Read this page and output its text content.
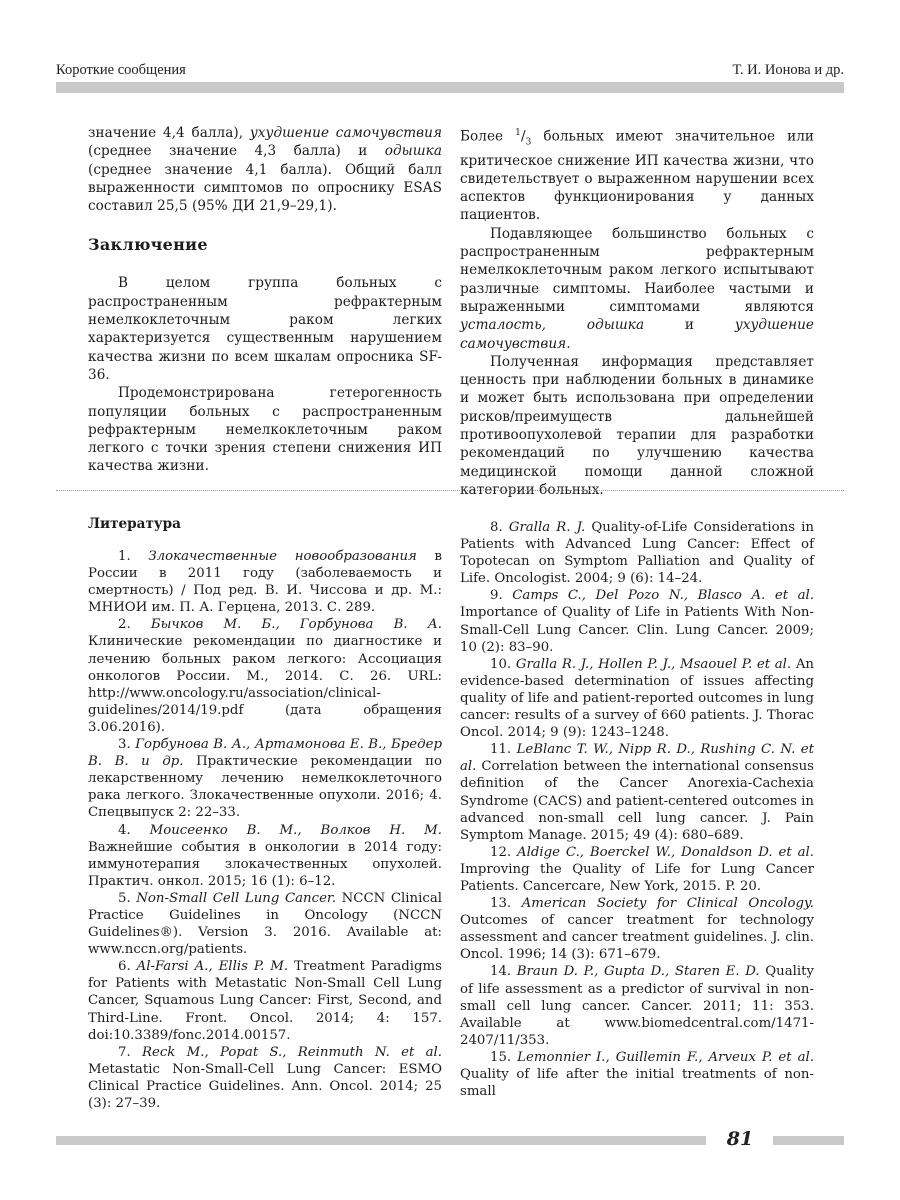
Короткие сообщения	Т. И. Ионова и др.

значение 4,4 балла), ухудшение самочувствия (среднее значение 4,3 балла) и одышка (среднее значение 4,1 балла). Общий балл выраженности симптомов по опроснику ESAS составил 25,5 (95% ДИ 21,9–29,1).

Заключение

В целом группа больных с распространенным рефрактерным немелкоклеточным раком легких характеризуется существенным нарушением качества жизни по всем шкалам опросника SF-36.

Продемонстрирована гетерогенность популяции больных с распространенным рефрактерным немелкоклеточным раком легкого с точки зрения степени снижения ИП качества жизни.

Более $^1/_3$ больных имеют значительное или критическое снижение ИП качества жизни, что свидетельствует о выраженном нарушении всех аспектов функционирования у данных пациентов.

Подавляющее большинство больных с распространенным рефрактерным немелкоклеточным раком легкого испытывают различные симптомы. Наиболее частыми и выраженными симптомами являются усталость, одышка и ухудшение самочувствия.

Полученная информация представляет ценность при наблюдении больных в динамике и может быть использована при определении рисков/преимуществ дальнейшей противоопухолевой терапии для разработки рекомендаций по улучшению качества медицинской помощи данной сложной категории больных.

Литература

1. Злокачественные новообразования в России в 2011 году (заболеваемость и смертность) / Под ред. В. И. Чиссова и др. М.: МНИОИ им. П. А. Герцена, 2013. С. 289.

2. Бычков М. Б., Горбунова В. А. Клинические рекомендации по диагностике и лечению больных раком легкого: Ассоциация онкологов России. М., 2014. С. 26. URL: http://www.oncology.ru/association/clinical-guidelines/2014/19.pdf (дата обращения 3.06.2016).

3. Горбунова В. А., Артамонова Е. В., Бредер В. В. и др. Практические рекомендации по лекарственному лечению немелкоклеточного рака легкого. Злокачественные опухоли. 2016; 4. Спецвыпуск 2: 22–33.

4. Моисеенко В. М., Волков Н. М. Важнейшие события в онкологии в 2014 году: иммунотерапия злокачественных опухолей. Практич. онкол. 2015; 16 (1): 6–12.

5. Non-Small Cell Lung Cancer. NCCN Clinical Practice Guidelines in Oncology (NCCN Guidelines®). Version 3. 2016. Available at: www.nccn.org/patients.

6. Al-Farsi A., Ellis P. M. Treatment Paradigms for Patients with Metastatic Non-Small Cell Lung Cancer, Squamous Lung Cancer: First, Second, and Third-Line. Front. Oncol. 2014; 4: 157. doi:10.3389/fonc.2014.00157.

7. Reck M., Popat S., Reinmuth N. et al. Metastatic Non-Small-Cell Lung Cancer: ESMO Clinical Practice Guidelines. Ann. Oncol. 2014; 25 (3): 27–39.

8. Gralla R. J. Quality-of-Life Considerations in Patients with Advanced Lung Cancer: Effect of Topotecan on Symptom Palliation and Quality of Life. Oncologist. 2004; 9 (6): 14–24.

9. Camps C., Del Pozo N., Blasco A. et al. Importance of Quality of Life in Patients With Non-Small-Cell Lung Cancer. Clin. Lung Cancer. 2009; 10 (2): 83–90.

10. Gralla R. J., Hollen P. J., Msaouel P. et al. An evidence-based determination of issues affecting quality of life and patient-reported outcomes in lung cancer: results of a survey of 660 patients. J. Thorac Oncol. 2014; 9 (9): 1243–1248.

11. LeBlanc T. W., Nipp R. D., Rushing C. N. et al. Correlation between the international consensus definition of the Cancer Anorexia-Cachexia Syndrome (CACS) and patient-centered outcomes in advanced non-small cell lung cancer. J. Pain Symptom Manage. 2015; 49 (4): 680–689.

12. Aldige C., Boerckel W., Donaldson D. et al. Improving the Quality of Life for Lung Cancer Patients. Cancercare, New York, 2015. P. 20.

13. American Society for Clinical Oncology. Outcomes of cancer treatment for technology assessment and cancer treatment guidelines. J. clin. Oncol. 1996; 14 (3): 671–679.

14. Braun D. P., Gupta D., Staren E. D. Quality of life assessment as a predictor of survival in non-small cell lung cancer. Cancer. 2011; 11: 353. Available at www.biomedcentral.com/1471-2407/11/353.

15. Lemonnier I., Guillemin F., Arveux P. et al. Quality of life after the initial treatments of non-small

81
